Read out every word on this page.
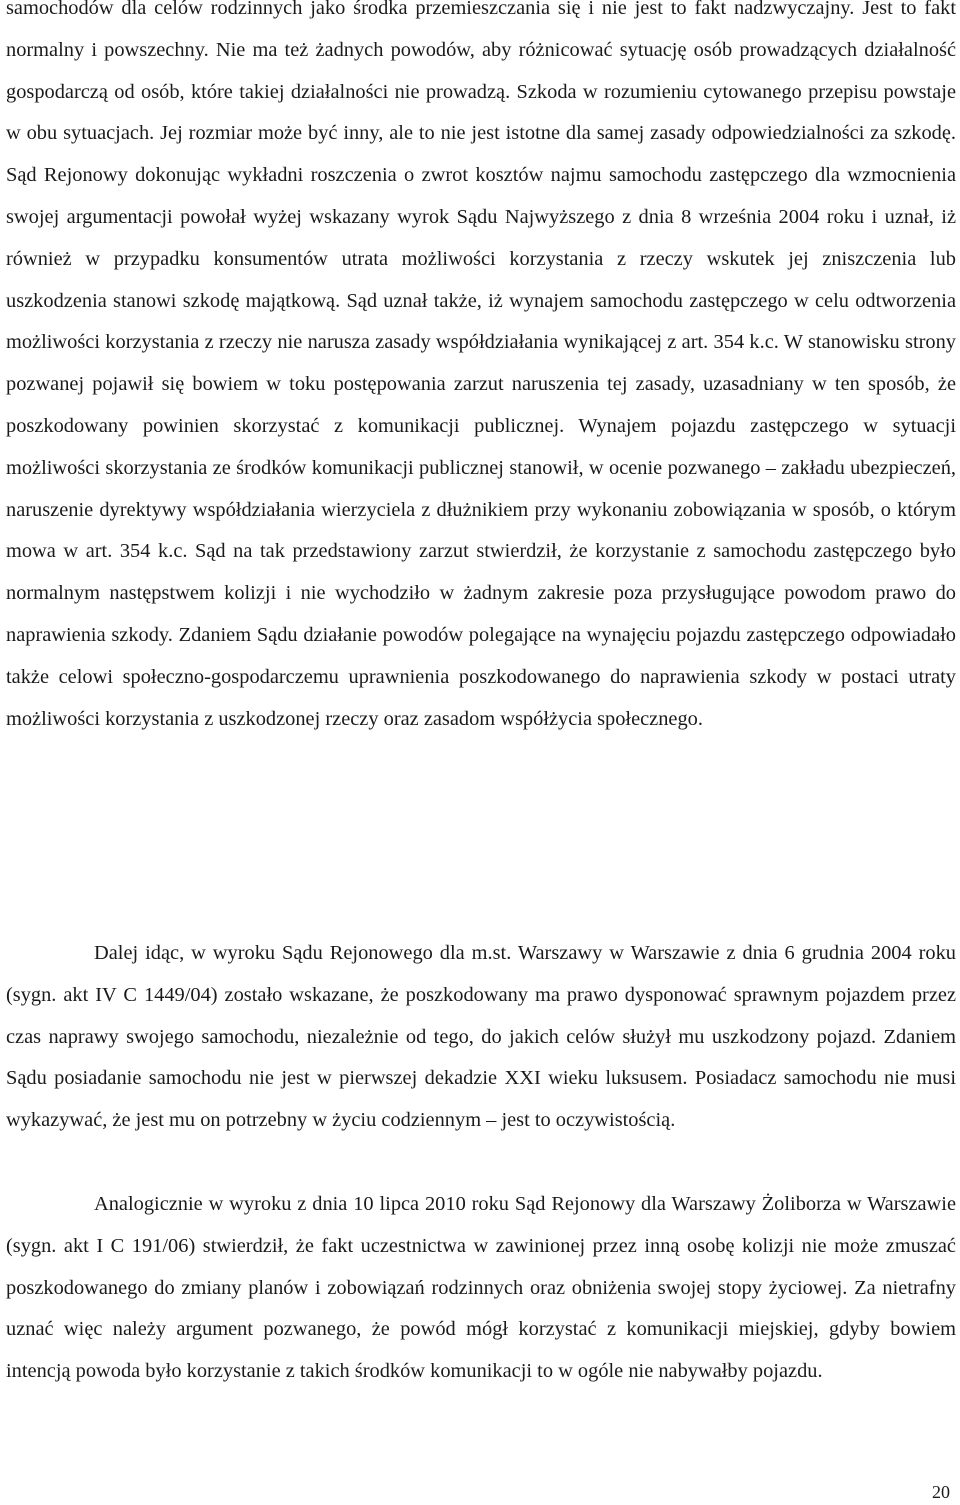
samochodów dla celów rodzinnych jako środka przemieszczania się i nie jest to fakt nadzwyczajny. Jest to fakt normalny i powszechny. Nie ma też żadnych powodów, aby różnicować sytuację osób prowadzących działalność gospodarczą od osób, które takiej działalności nie prowadzą. Szkoda w rozumieniu cytowanego przepisu powstaje w obu sytuacjach. Jej rozmiar może być inny, ale to nie jest istotne dla samej zasady odpowiedzialności za szkodę. Sąd Rejonowy dokonując wykładni roszczenia o zwrot kosztów najmu samochodu zastępczego dla wzmocnienia swojej argumentacji powołał wyżej wskazany wyrok Sądu Najwyższego z dnia 8 września 2004 roku i uznał, iż również w przypadku konsumentów utrata możliwości korzystania z rzeczy wskutek jej zniszczenia lub uszkodzenia stanowi szkodę majątkową. Sąd uznał także, iż wynajem samochodu zastępczego w celu odtworzenia możliwości korzystania z rzeczy nie narusza zasady współdziałania wynikającej z art. 354 k.c. W stanowisku strony pozwanej pojawił się bowiem w toku postępowania zarzut naruszenia tej zasady, uzasadniany w ten sposób, że poszkodowany powinien skorzystać z komunikacji publicznej. Wynajem pojazdu zastępczego w sytuacji możliwości skorzystania ze środków komunikacji publicznej stanowił, w ocenie pozwanego – zakładu ubezpieczeń, naruszenie dyrektywy współdziałania wierzyciela z dłużnikiem przy wykonaniu zobowiązania w sposób, o którym mowa w art. 354 k.c. Sąd na tak przedstawiony zarzut stwierdził, że korzystanie z samochodu zastępczego było normalnym następstwem kolizji i nie wychodziło w żadnym zakresie poza przysługujące powodom prawo do naprawienia szkody. Zdaniem Sądu działanie powodów polegające na wynajęciu pojazdu zastępczego odpowiadało także celowi społeczno-gospodarczemu uprawnienia poszkodowanego do naprawienia szkody w postaci utraty możliwości korzystania z uszkodzonej rzeczy oraz zasadom współżycia społecznego.

Dalej idąc, w wyroku Sądu Rejonowego dla m.st. Warszawy w Warszawie z dnia 6 grudnia 2004 roku (sygn. akt IV C 1449/04) zostało wskazane, że poszkodowany ma prawo dysponować sprawnym pojazdem przez czas naprawy swojego samochodu, niezależnie od tego, do jakich celów służył mu uszkodzony pojazd. Zdaniem Sądu posiadanie samochodu nie jest w pierwszej dekadzie XXI wieku luksusem. Posiadacz samochodu nie musi wykazywać, że jest mu on potrzebny w życiu codziennym – jest to oczywistością.

Analogicznie w wyroku z dnia 10 lipca 2010 roku Sąd Rejonowy dla Warszawy Żoliborza w Warszawie (sygn. akt I C 191/06) stwierdził, że fakt uczestnictwa w zawinionej przez inną osobę kolizji nie może zmuszać poszkodowanego do zmiany planów i zobowiązań rodzinnych oraz obniżenia swojej stopy życiowej. Za nietrafny uznać więc należy argument pozwanego, że powód mógł korzystać z komunikacji miejskiej, gdyby bowiem intencją powoda było korzystanie z takich środków komunikacji to w ogóle nie nabywałby pojazdu.

20
